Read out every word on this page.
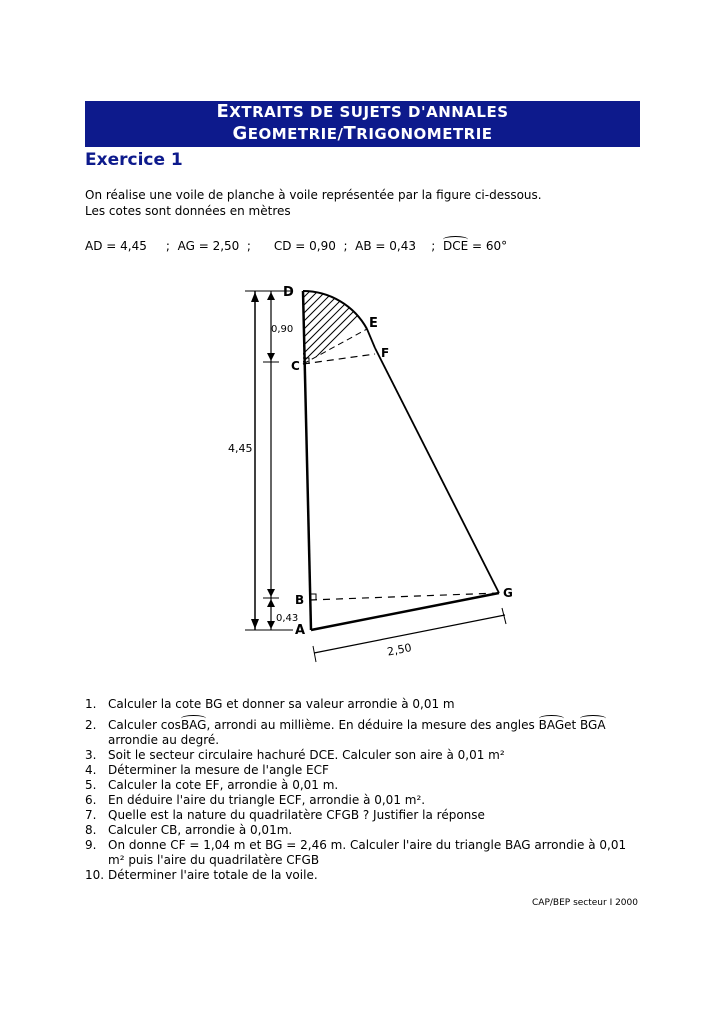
EXTRAITS DE SUJETS D'ANNALES
GEOMETRIE/TRIGONOMETRIE
Exercice 1
On réalise une voile de planche à voile représentée par la figure ci-dessous.
Les cotes sont données en mètres
AD = 4,45     ;  AG = 2,50  ;      CD = 0,90  ;  AB = 0,43    ;  DCE = 60°
D
E
F
C
B	G
A
0,90
4,45
0,43
2,50
1. Calculer la cote BG et donner sa valeur arrondie à 0,01 m
2. Calculer cosBAG, arrondi au millième. En déduire la mesure des angles BAGet BGA arrondie au degré.
3. Soit le secteur circulaire hachuré DCE. Calculer son aire à 0,01 m²
4. Déterminer la mesure de l'angle ECF
5. Calculer la cote EF, arrondie à 0,01 m.
6. En déduire l'aire du triangle ECF, arrondie à 0,01 m².
7. Quelle est la nature du quadrilatère CFGB ? Justifier la réponse
8. Calculer CB, arrondie à 0,01m.
9. On donne CF = 1,04 m et BG = 2,46 m. Calculer l'aire du triangle BAG arrondie à 0,01 m² puis l'aire du quadrilatère CFGB
10. Déterminer l'aire totale de la voile.
CAP/BEP secteur I 2000
